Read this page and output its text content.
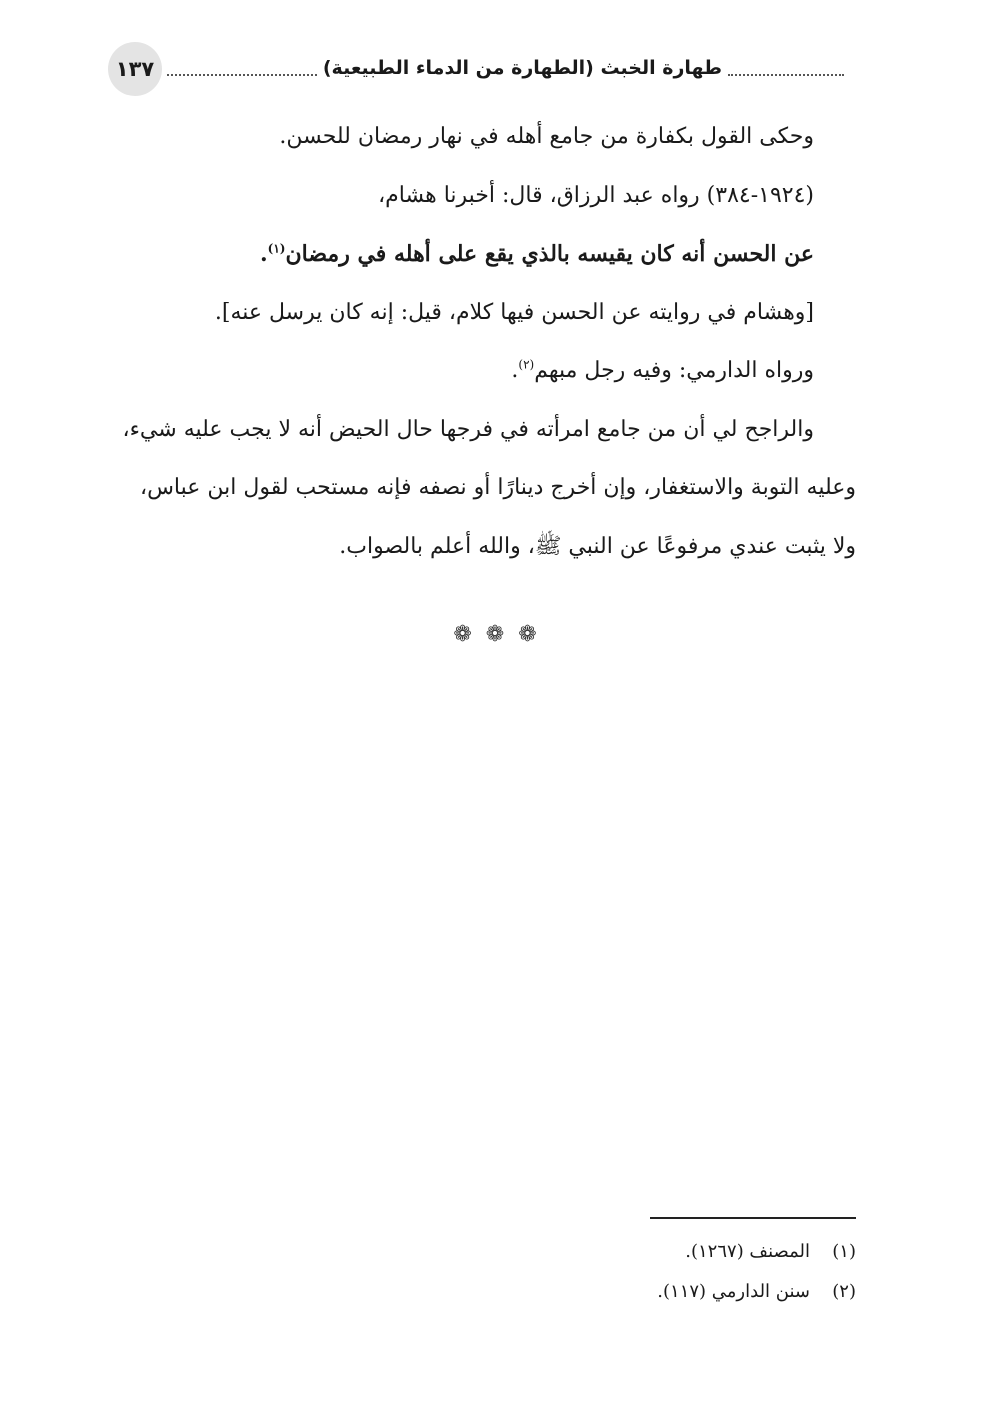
طهارة الخبث (الطهارة من الدماء الطبيعية)
١٣٧

وحكى القول بكفارة من جامع أهله في نهار رمضان للحسن.

(١٩٢٤-٣٨٤) رواه عبد الرزاق، قال: أخبرنا هشام،

عن الحسن أنه كان يقيسه بالذي يقع على أهله في رمضان$^{(١)}$.

[وهشام في روايته عن الحسن فيها كلام، قيل: إنه كان يرسل عنه].

ورواه الدارمي: وفيه رجل مبهم$^{(٢)}$.

والراجح لي أن من جامع امرأته في فرجها حال الحيض أنه لا يجب عليه شيء،

وعليه التوبة والاستغفار، وإن أخرج دينارًا أو نصفه فإنه مستحب لقول ابن عباس،

ولا يثبت عندي مرفوعًا عن النبي ﷺ، والله أعلم بالصواب.

❁❁❁
(١)المصنف (١٢٦٧).
(٢)سنن الدارمي (١١٧).
